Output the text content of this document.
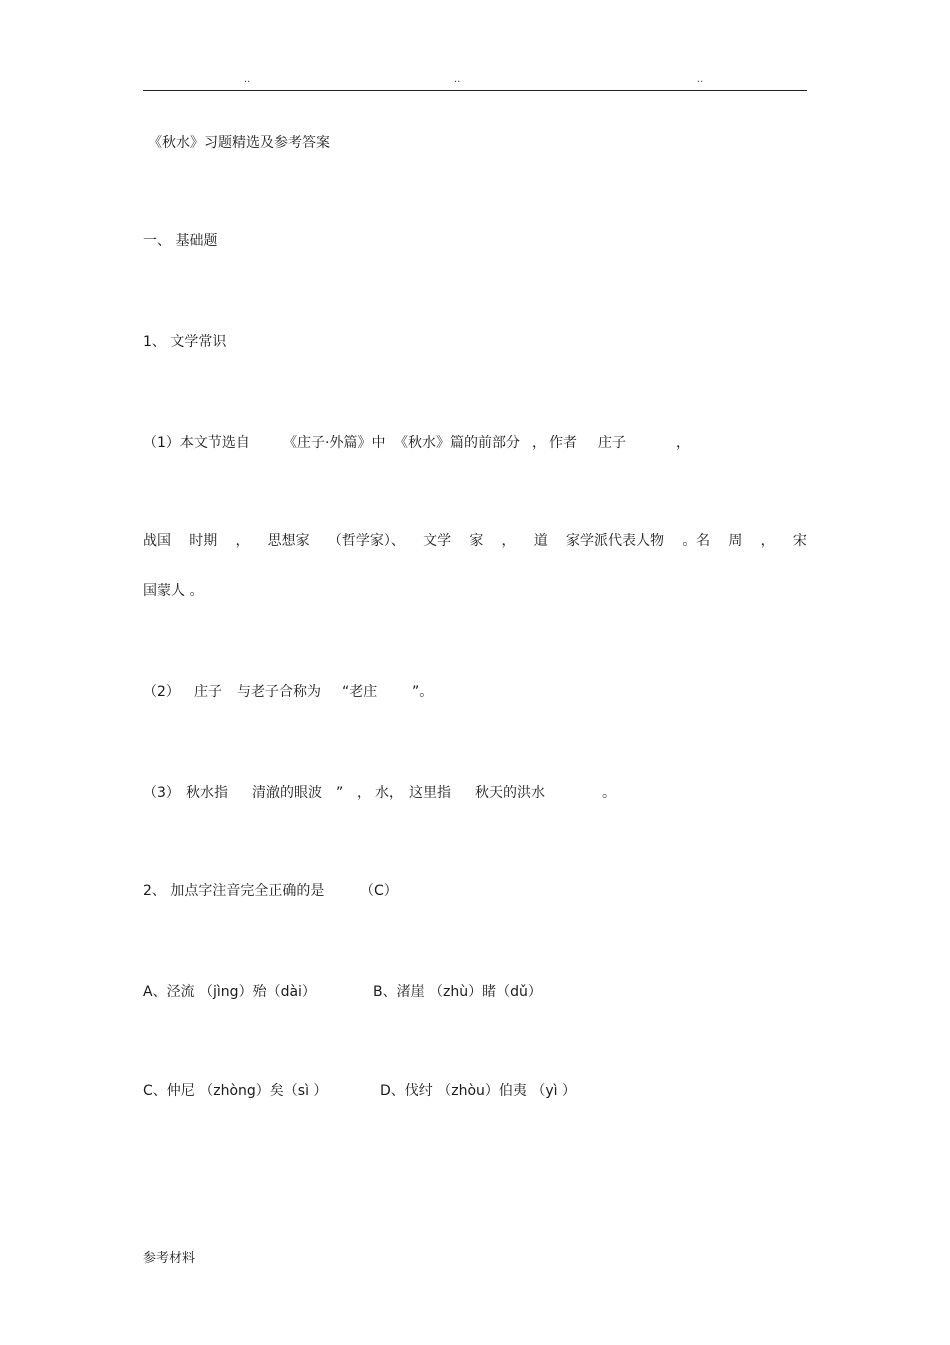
..	..	..
《秋水》习题精选及参考答案
一、 基础题
1、 文学常识
（1）本文节选自 《庄子·外篇》中 《秋水》篇的前部分 ， 作者 庄子	，
战国 时期 ， 思想家 （哲学家）、 文学 家 ， 道 家学派代表人物 。名 周 ， 宋
国蒙人 。
（2） 庄子 与老子合称为 “老庄 ”。
（3） 秋水指 清澈的眼波 ” ， 水， 这里指 秋天的洪水	。
2、 加点字注音完全正确的是	（C）
A、泾流 （jìng）殆（dài）	B、渚崖 （zhù）睹（dǔ）
C、仲尼 （zhòng）矣（sì ）	D、伐纣 （zhòu）伯夷 （yì ）
参考材料
